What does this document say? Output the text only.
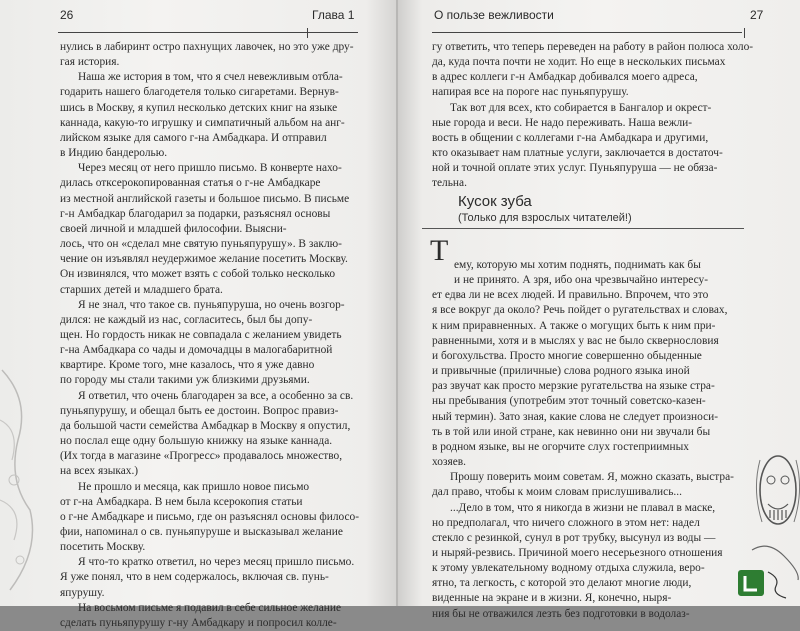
26	Глава 1
нулись в лабиринт остро пахнущих лавочек, но это уже дру-
гая история.
Наша же история в том, что я счел невежливым отбла-
годарить нашего благодетеля только сигаретами. Вернув-
шись в Москву, я купил несколько детских книг на языке
каннада, какую-то игрушку и симпатичный альбом на анг-
лийском языке для самого г-на Амбадкара. И отправил
в Индию бандеролью.
Через месяц от него пришло письмо. В конверте нахо-
дилась отксерокопированная статья о г-не Амбадкаре
из местной английской газеты и большое письмо. В письме
г-н Амбадкар благодарил за подарки, разъяснял основы
своей личной и младшей философии. Выясни-
лось, что он «сделал мне святую пуньяпурушу». В заклю-
чение он изъявлял неудержимое желание посетить Москву.
Он извинялся, что может взять с собой только несколько
старших детей и младшего брата.
Я не знал, что такое св. пуньяпуруша, но очень возгор-
дился: не каждый из нас, согласитесь, был бы допу-
щен. Но гордость никак не совпадала с желанием увидеть
г-на Амбадкара со чады и домочадцы в малогабаритной
квартире. Кроме того, мне казалось, что я уже давно
по городу мы стали такими уж близкими друзьями.
Я ответил, что очень благодарен за все, а особенно за св.
пуньяпурушу, и обещал быть ее достоин. Вопрос правиз-
да большой части семейства Амбадкар в Москву я опустил,
но послал еще одну большую книжку на языке каннада.
(Их тогда в магазине «Прогресс» продавалось множество,
на всех языках.)
Не прошло и месяца, как пришло новое письмо
от г-на Амбадкара. В нем была ксерокопия статьи
о г-не Амбадкаре и письмо, где он разъяснял основы филосо-
фии, напоминал о св. пуньяпуруше и высказывал желание
посетить Москву.
Я что-то кратко ответил, но через месяц пришло письмо.
Я уже понял, что в нем содержалось, включая св. пунь-
япурушу.
На восьмом письме я подавил в себе сильное желание
сделать пуньяпурушу г-ну Амбадкару и попросил колле-
О пользе вежливости	27
гу ответить, что теперь переведен на работу в район полюса холо-
да, куда почта почти не ходит. Но еще в нескольких письмах
в адрес коллеги г-н Амбадкар добивался моего адреса,
напирая все на пороге нас пуньяпурушу.
Так вот для всех, кто собирается в Бангалор и окрест-
ные города и веси. Не надо переживать. Наша вежли-
вость в общении с коллегами г-на Амбадкара и другими,
кто оказывает нам платные услуги, заключается в достаточ-
ной и точной оплате этих услуг. Пуньяпуруша — не обяза-
тельна.
Кусок зуба
(Только для взрослых читателей!)
Т ему, которую мы хотим поднять, поднимать как бы
и не принято. А зря, ибо она чрезвычайно интересу-
ет едва ли не всех людей. И правильно. Впрочем, что это
я все вокруг да около? Речь пойдет о ругательствах и словах,
к ним приравненных. А также о могущих быть к ним при-
равненными, хотя и в мыслях у вас не было сквернословия
и богохульства. Просто многие совершенно обыденные
и привычные (приличные) слова родного языка иной
раз звучат как просто мерзкие ругательства на языке стра-
ны пребывания (употребим этот точный советско-казен-
ный термин). Зато зная, какие слова не следует произноси-
ть в той или иной стране, как невинно они ни звучали бы
в родном языке, вы не огорчите слух гостеприимных
хозяев.
Прошу поверить моим советам. Я, можно сказать, выстра-
дал право, чтобы к моим словам прислушивались...
...Дело в том, что я никогда в жизни не плавал в маске,
но предполагал, что ничего сложного в этом нет: надел
стекло с резинкой, сунул в рот трубку, высунул из воды —
и ныряй-резвись. Причиной моего несерьезного отношения
к этому увлекательному водному отдыха служила, веро-
ятно, та легкость, с которой это делают многие люди,
виденные на экране и в жизни. Я, конечно, ныря-
ния бы не отважился лезть без подготовки в водолаз-
